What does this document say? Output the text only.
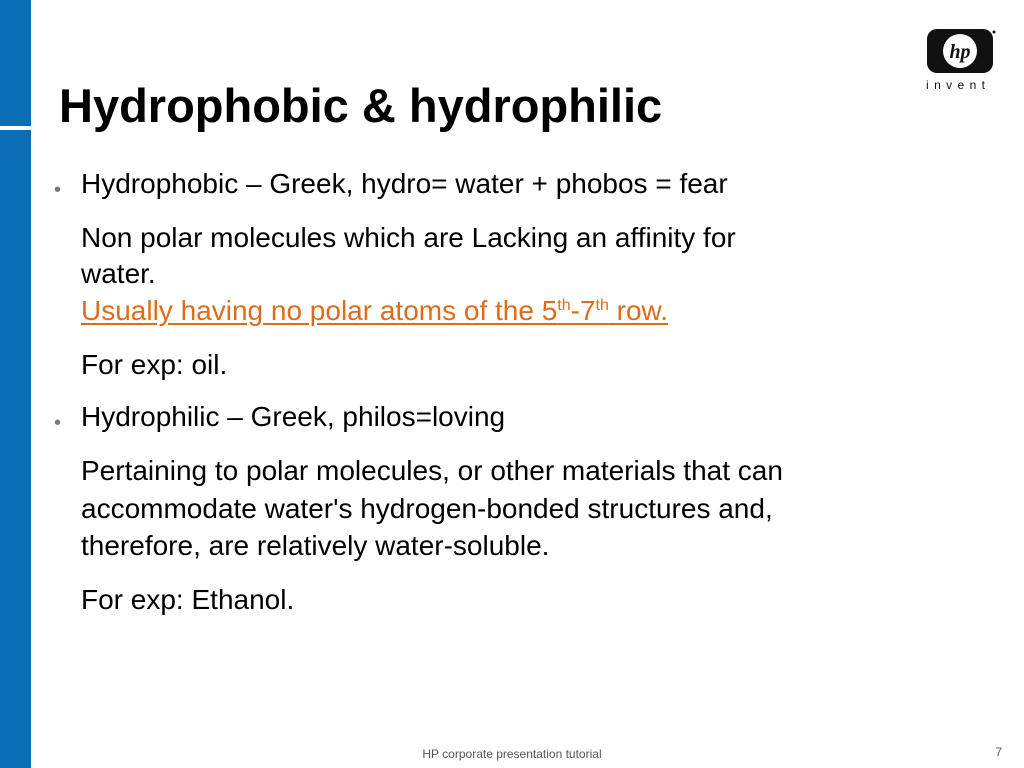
hp
invent
Hydrophobic & hydrophilic
• Hydrophobic – Greek, hydro= water + phobos = fear

Non polar molecules which are Lacking an affinity for

water.

Usually having no polar atoms of the 5th-7th row.

For exp: oil.

• Hydrophilic – Greek, philos=loving

Pertaining to polar molecules, or other materials that can

accommodate water's hydrogen-bonded structures and,

therefore, are relatively water-soluble.

For exp: Ethanol.

HP corporate presentation tutorial	7
